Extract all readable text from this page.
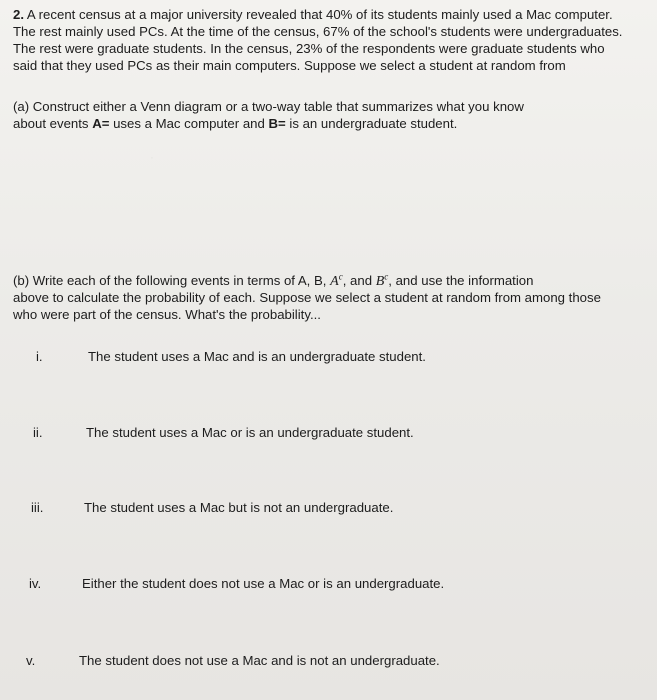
·
2. A recent census at a major university revealed that 40% of its students mainly used a Mac computer.
The rest mainly used PCs. At the time of the census, 67% of the school's students were undergraduates.
The rest were graduate students. In the census, 23% of the respondents were graduate students who
said that they used PCs as their main computers. Suppose we select a student at random from
(a) Construct either a Venn diagram or a two-way table that summarizes what you know
about events A= uses a Mac computer and B= is an undergraduate student.
(b) Write each of the following events in terms of A, B, $A^c$, and $B^c$, and use the information
above to calculate the probability of each. Suppose we select a student at random from among those
who were part of the census. What's the probability...
i.	The student uses a Mac and is an undergraduate student.
ii.	The student uses a Mac or is an undergraduate student.
iii.	The student uses a Mac but is not an undergraduate.
iv.	Either the student does not use a Mac or is an undergraduate.
v.	The student does not use a Mac and is not an undergraduate.
